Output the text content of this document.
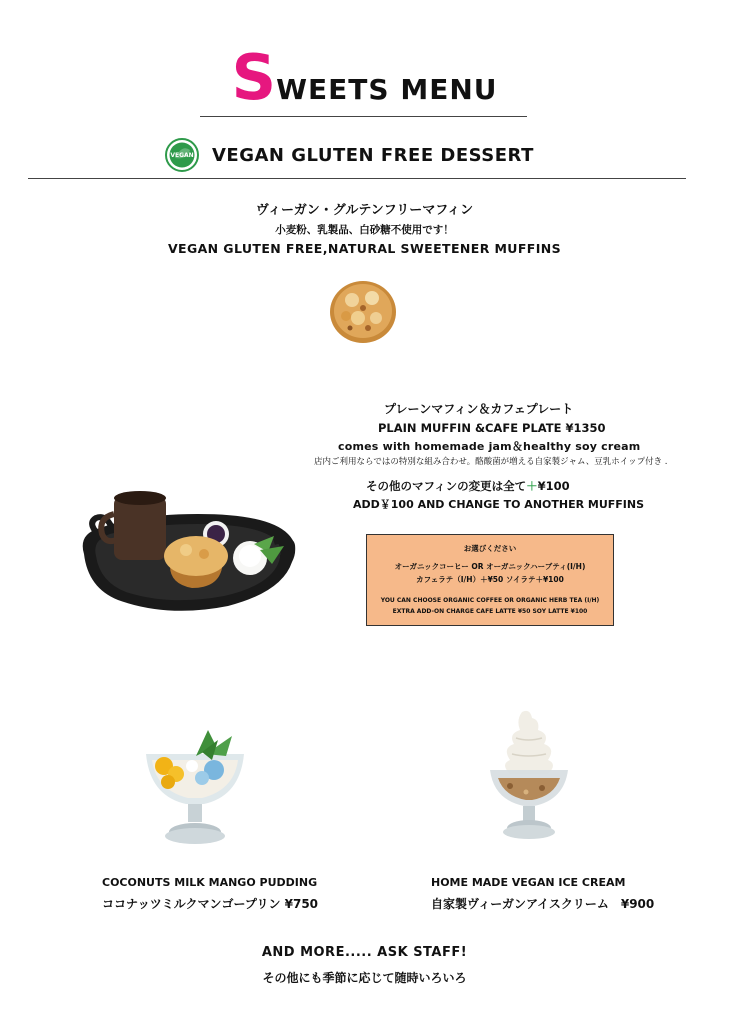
SWEETS MENU
VEGAN VEGAN GLUTEN FREE DESSERT
ヴィーガン・グルテンフリーマフィン
小麦粉、乳製品、白砂糖不使用です！
VEGAN GLUTEN FREE,NATURAL SWEETENER MUFFINS
プレーンマフィン＆カフェプレート
PLAIN MUFFIN &CAFE PLATE ¥1350
comes with homemade jam＆healthy soy cream
店内ご利用ならではの特別な組み合わせ。酪酸菌が増える自家製ジャム、豆乳ホイップ付き .
その他のマフィンの変更は全て＋¥100
ADD￥100 AND CHANGE TO ANOTHER MUFFINS
お選びください
オーガニックコーヒー OR オーガニックハーブティ(I/H)
カフェラテ（I/H）＋¥50 ソイラテ＋¥100
YOU CAN CHOOSE ORGANIC COFFEE OR ORGANIC HERB TEA (I/H)
EXTRA ADD-ON CHARGE CAFE LATTE ¥50 SOY LATTE ¥100
COCONUTS MILK MANGO PUDDING
ココナッツミルクマンゴープリン ¥750
HOME MADE VEGAN ICE CREAM
自家製ヴィーガンアイスクリーム　¥900
AND MORE..... ASK STAFF!
その他にも季節に応じて随時いろいろ
